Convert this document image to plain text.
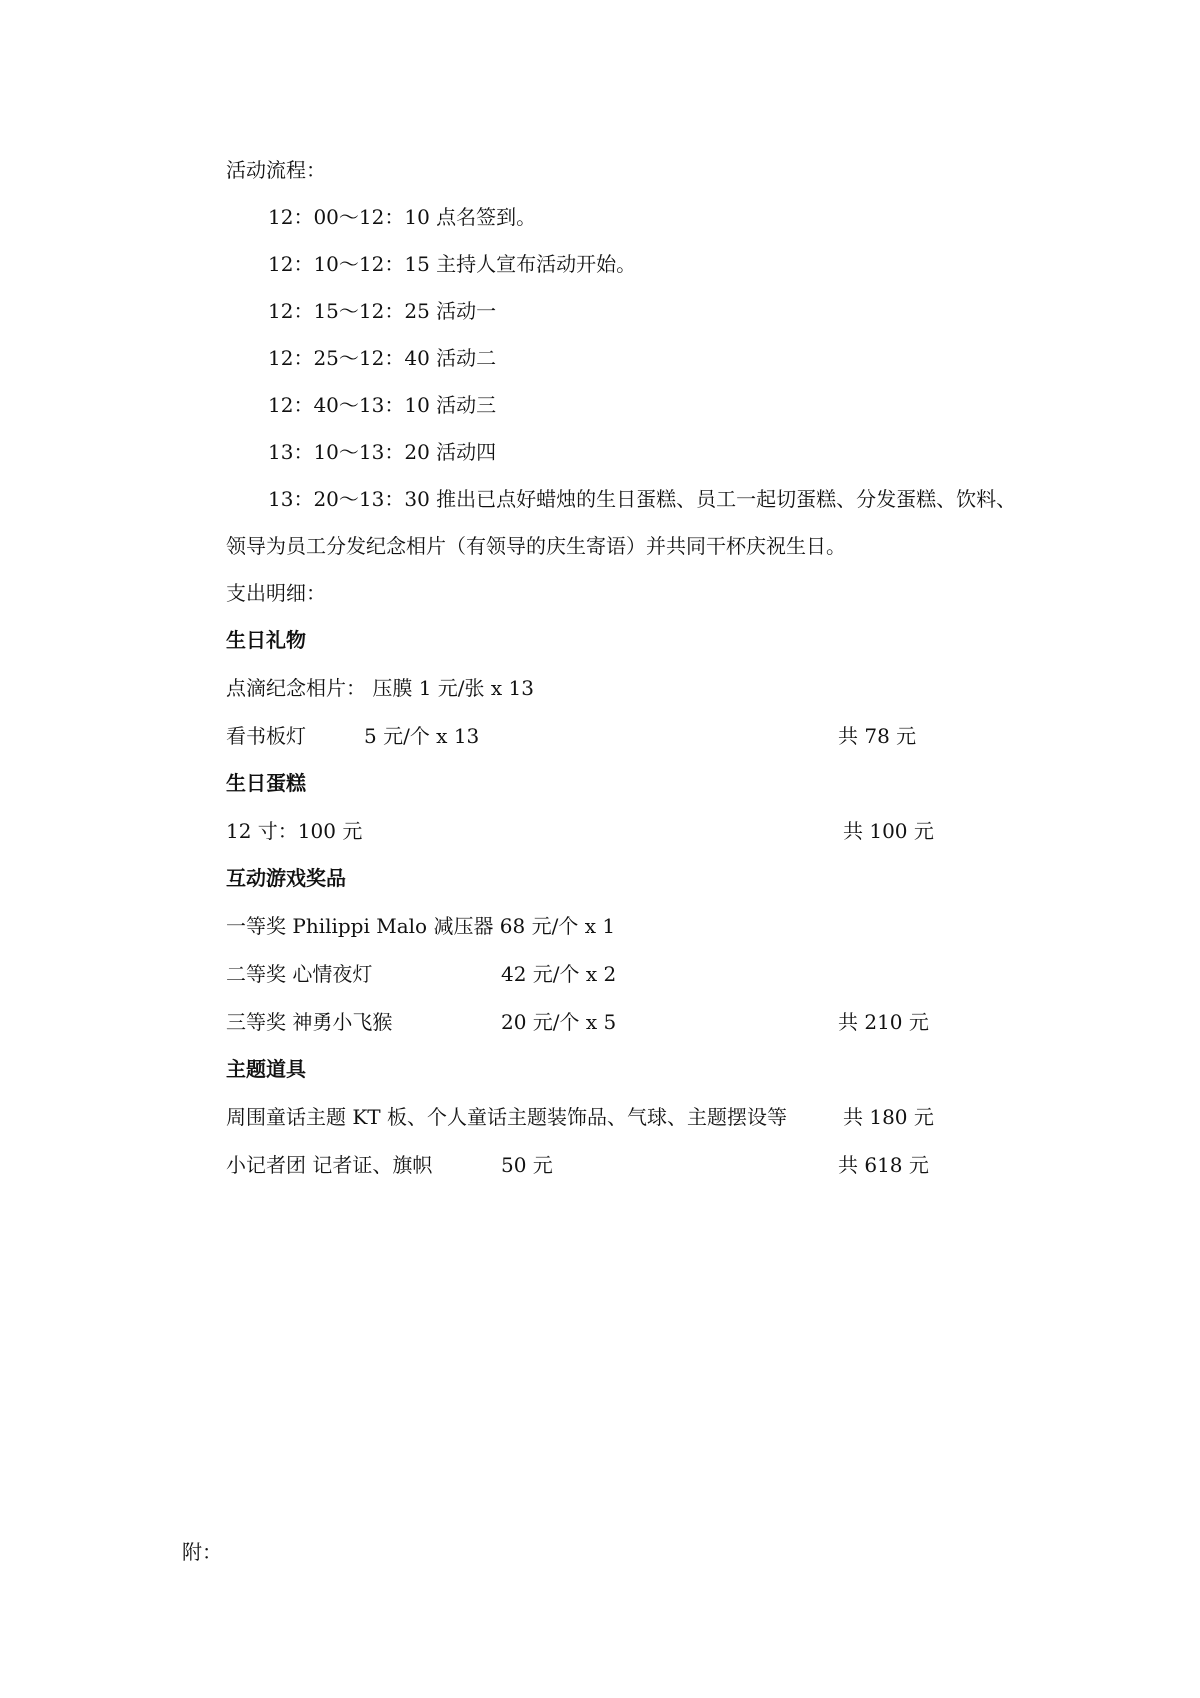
活动流程：
12：00～12：10 点名签到。
12：10～12：15 主持人宣布活动开始。
12：15～12：25 活动一
12：25～12：40 活动二
12：40～13：10 活动三
13：10～13：20 活动四
13：20～13：30 推出已点好蜡烛的生日蛋糕、员工一起切蛋糕、分发蛋糕、饮料、
领导为员工分发纪念相片（有领导的庆生寄语）并共同干杯庆祝生日。
支出明细：
生日礼物
点滴纪念相片： 压膜 1 元/张 x 13
看书板灯	5 元/个 x 13	共 78 元
生日蛋糕
12 寸：100 元	共 100 元
互动游戏奖品
一等奖 Philippi Malo 减压器 68 元/个 x 1
二等奖 心情夜灯	42 元/个 x 2
三等奖 神勇小飞猴	20 元/个 x 5	共 210 元
主题道具
周围童话主题 KT 板、个人童话主题装饰品、气球、主题摆设等	共 180 元
小记者团 记者证、旗帜	50 元	共 618 元
附：
